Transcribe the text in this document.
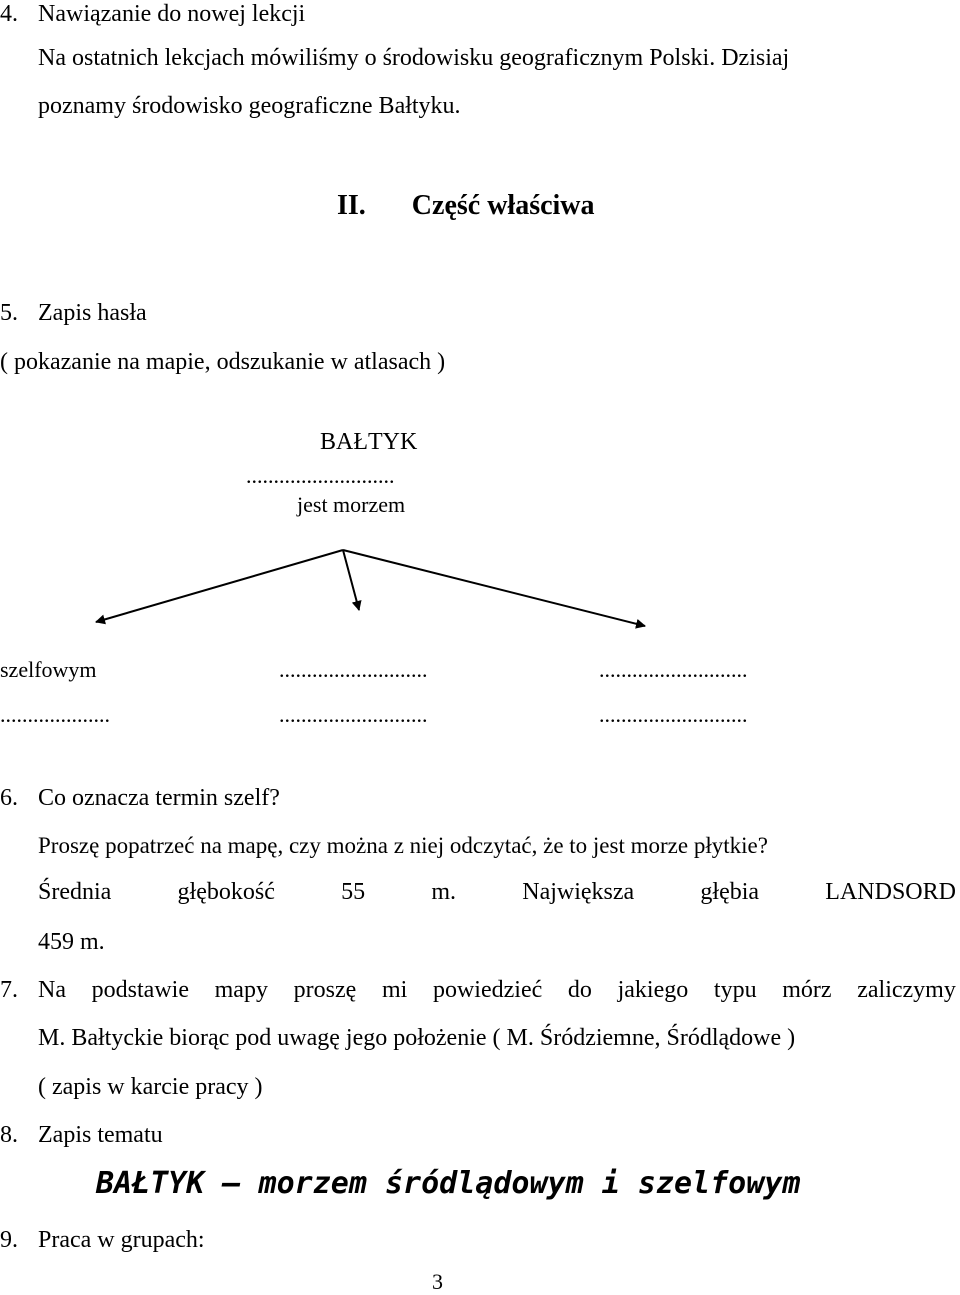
4. Nawiązanie do nowej lekcji
Na ostatnich lekcjach mówiliśmy o środowisku geograficznym Polski. Dzisiaj
poznamy środowisko geograficzne Bałtyku.
II. Część właściwa
5. Zapis hasła
( pokazanie na mapie, odszukanie w atlasach )
BAŁTYK
...........................
jest morzem
szelfowym	...........................	...........................
....................	...........................	...........................
6. Co oznacza termin szelf?
Proszę popatrzeć na mapę, czy można z niej odczytać, że to jest morze płytkie?
Średnia	głębokość	55	m.	Największa	głębia	LANDSORD
459 m.
7. Na podstawie mapy proszę mi powiedzieć do jakiego typu mórz zaliczymy
M. Bałtyckie biorąc pod uwagę jego położenie ( M. Śródziemne, Śródlądowe )
( zapis w karcie pracy )
8. Zapis tematu
BAŁTYK – morzem śródlądowym i szelfowym
9. Praca w grupach:
3
